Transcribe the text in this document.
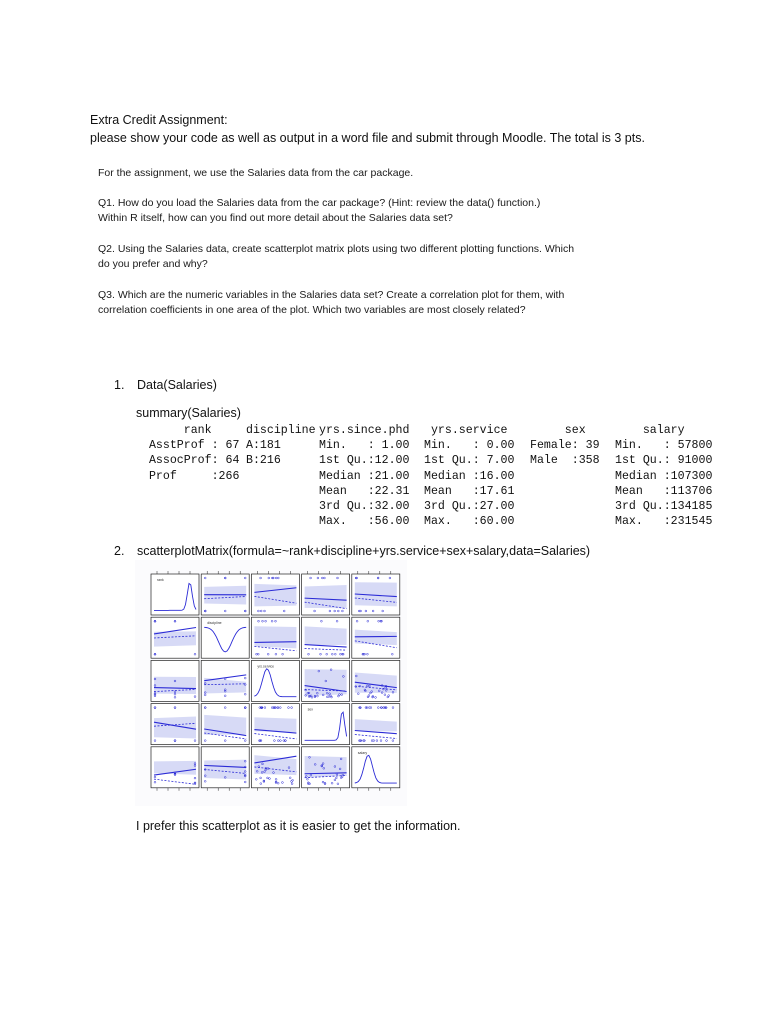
Extra Credit Assignment:
please show your code as well as output in a word file and submit through Moodle. The total is 3 pts.
For the assignment, we use the Salaries data from the car package.
Q1. How do you load the Salaries data from the car package? (Hint: review the data() function.)
Within R itself, how can you find out more detail about the Salaries data set?
Q2. Using the Salaries data, create scatterplot matrix plots using two different plotting functions. Which
do you prefer and why?
Q3. Which are the numeric variables in the Salaries data set? Create a correlation plot for them, with
correlation coefficients in one area of the plot. Which two variables are most closely related?
1. Data(Salaries)
summary(Salaries)
rank
AsstProf : 67
AssocProf: 64
Prof     :266
discipline
A:181
B:216
yrs.since.phd
Min.   : 1.00
1st Qu.:12.00
Median :21.00
Mean   :22.31
3rd Qu.:32.00
Max.   :56.00
yrs.service
Min.   : 0.00
1st Qu.: 7.00
Median :16.00
Mean   :17.61
3rd Qu.:27.00
Max.   :60.00
sex
Female: 39
Male  :358
salary
Min.   : 57800
1st Qu.: 91000
Median :107300
Mean   :113706
3rd Qu.:134185
Max.   :231545
2. scatterplotMatrix(formula=~rank+discipline+yrs.service+sex+salary,data=Salaries)
rank
discipline
yrs.service
sex
salary
I prefer this scatterplot as it is easier to get the information.
